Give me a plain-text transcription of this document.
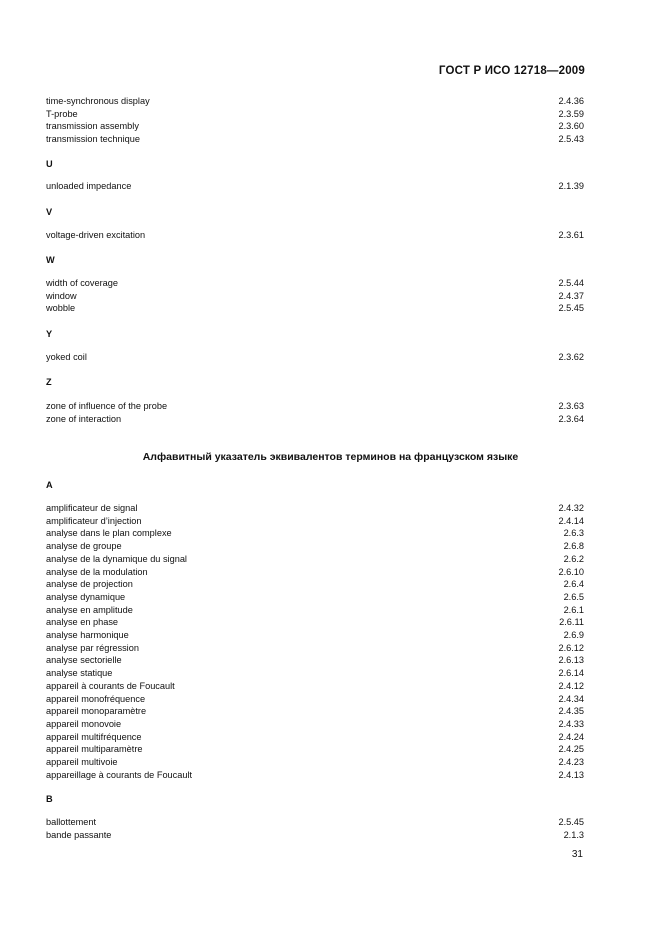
ГОСТ Р ИСО 12718—2009
time-synchronous display	2.4.36
T-probe	2.3.59
transmission assembly	2.3.60
transmission technique	2.5.43
U
unloaded impedance	2.1.39
V
voltage-driven excitation	2.3.61
W
width of coverage	2.5.44
window	2.4.37
wobble	2.5.45
Y
yoked coil	2.3.62
Z
zone of influence of the probe	2.3.63
zone of interaction	2.3.64
Алфавитный указатель эквивалентов терминов на французском языке
A
amplificateur de signal	2.4.32
amplificateur d’injection	2.4.14
analyse dans le plan complexe	2.6.3
analyse de groupe	2.6.8
analyse de la dynamique du signal	2.6.2
analyse de la modulation	2.6.10
analyse de projection	2.6.4
analyse dynamique	2.6.5
analyse en amplitude	2.6.1
analyse en phase	2.6.11
analyse harmonique	2.6.9
analyse par régression	2.6.12
analyse sectorielle	2.6.13
analyse statique	2.6.14
appareil à courants de Foucault	2.4.12
appareil monofréquence	2.4.34
appareil monoparamètre	2.4.35
appareil monovoie	2.4.33
appareil multifréquence	2.4.24
appareil multiparamètre	2.4.25
appareil multivoie	2.4.23
appareillage à courants de Foucault	2.4.13
B
ballottement	2.5.45
bande passante	2.1.3
31
